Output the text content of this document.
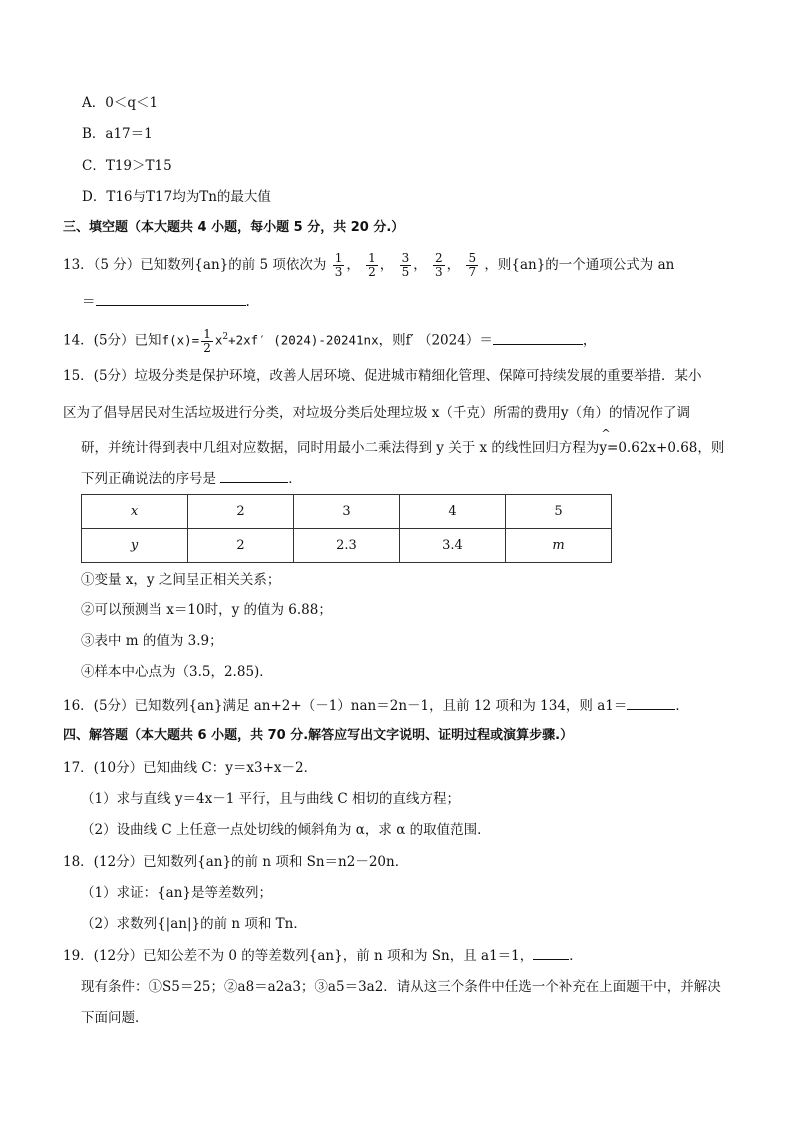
A．0＜q＜1
B．a17＝1
C．T19＞T15
D．T16与T17均为Tn的最大值
三、填空题（本大题共 4 小题，每小题 5 分，共 20 分.）
13．（5 分）已知数列{an}的前 5 项依次为 $\frac{1}{3}$ ， $\frac{1}{2}$ ， $\frac{3}{5}$ ， $\frac{2}{3}$ ， $\frac{5}{7}$ ，则{an}的一个通项公式为 an
＝	.
14．(5分）已知$f(x)= \frac{1}{2} x^2+2xf'$ (2024)-20241nx，则f′ （2024）＝	，
15．(5分）垃圾分类是保护环境，改善人居环境、促进城市精细化管理、保障可持续发展的重要举措．某小
区为了倡导居民对生活垃圾进行分类，对垃圾分类后处理垃圾 x（千克）所需的费用y（角）的情况作了调
研，并统计得到表中几组对应数据，同时用最小二乘法得到 y 关于 x 的线性回归方程为
^
y=0.62x+0.68，则
下列正确说法的序号是	．
x	2	3	4	5
y	2	2.3	3.4	m
①变量 x，y 之间呈正相关关系；
②可以预测当 x＝10时，y 的值为 6.88；
③表中 m 的值为 3.9；
④样本中心点为（3.5，2.85)．
16．(5分）已知数列{an}满足 an+2+（－1）nan＝2n－1，且前 12 项和为 134，则 a1＝	．
四、解答题（本大题共 6 小题，共 70 分.解答应写出文字说明、证明过程或演算步骤.）
17．(10分）已知曲线 C：y＝x3+x－2．
（1）求与直线 y＝4x－1 平行，且与曲线 C 相切的直线方程；
（2）设曲线 C 上任意一点处切线的倾斜角为 α，求 α 的取值范围．
18．(12分）已知数列{an}的前 n 项和 Sn＝n2－20n．
（1）求证：{an}是等差数列；
（2）求数列{|an|}的前 n 项和 Tn．
19．(12分）已知公差不为 0 的等差数列{an}，前 n 项和为 Sn，且 a1＝1，	．
现有条件：①S5＝25；②a8＝a2a3；③a5＝3a2．请从这三个条件中任选一个补充在上面题干中，并解决
下面问题．
